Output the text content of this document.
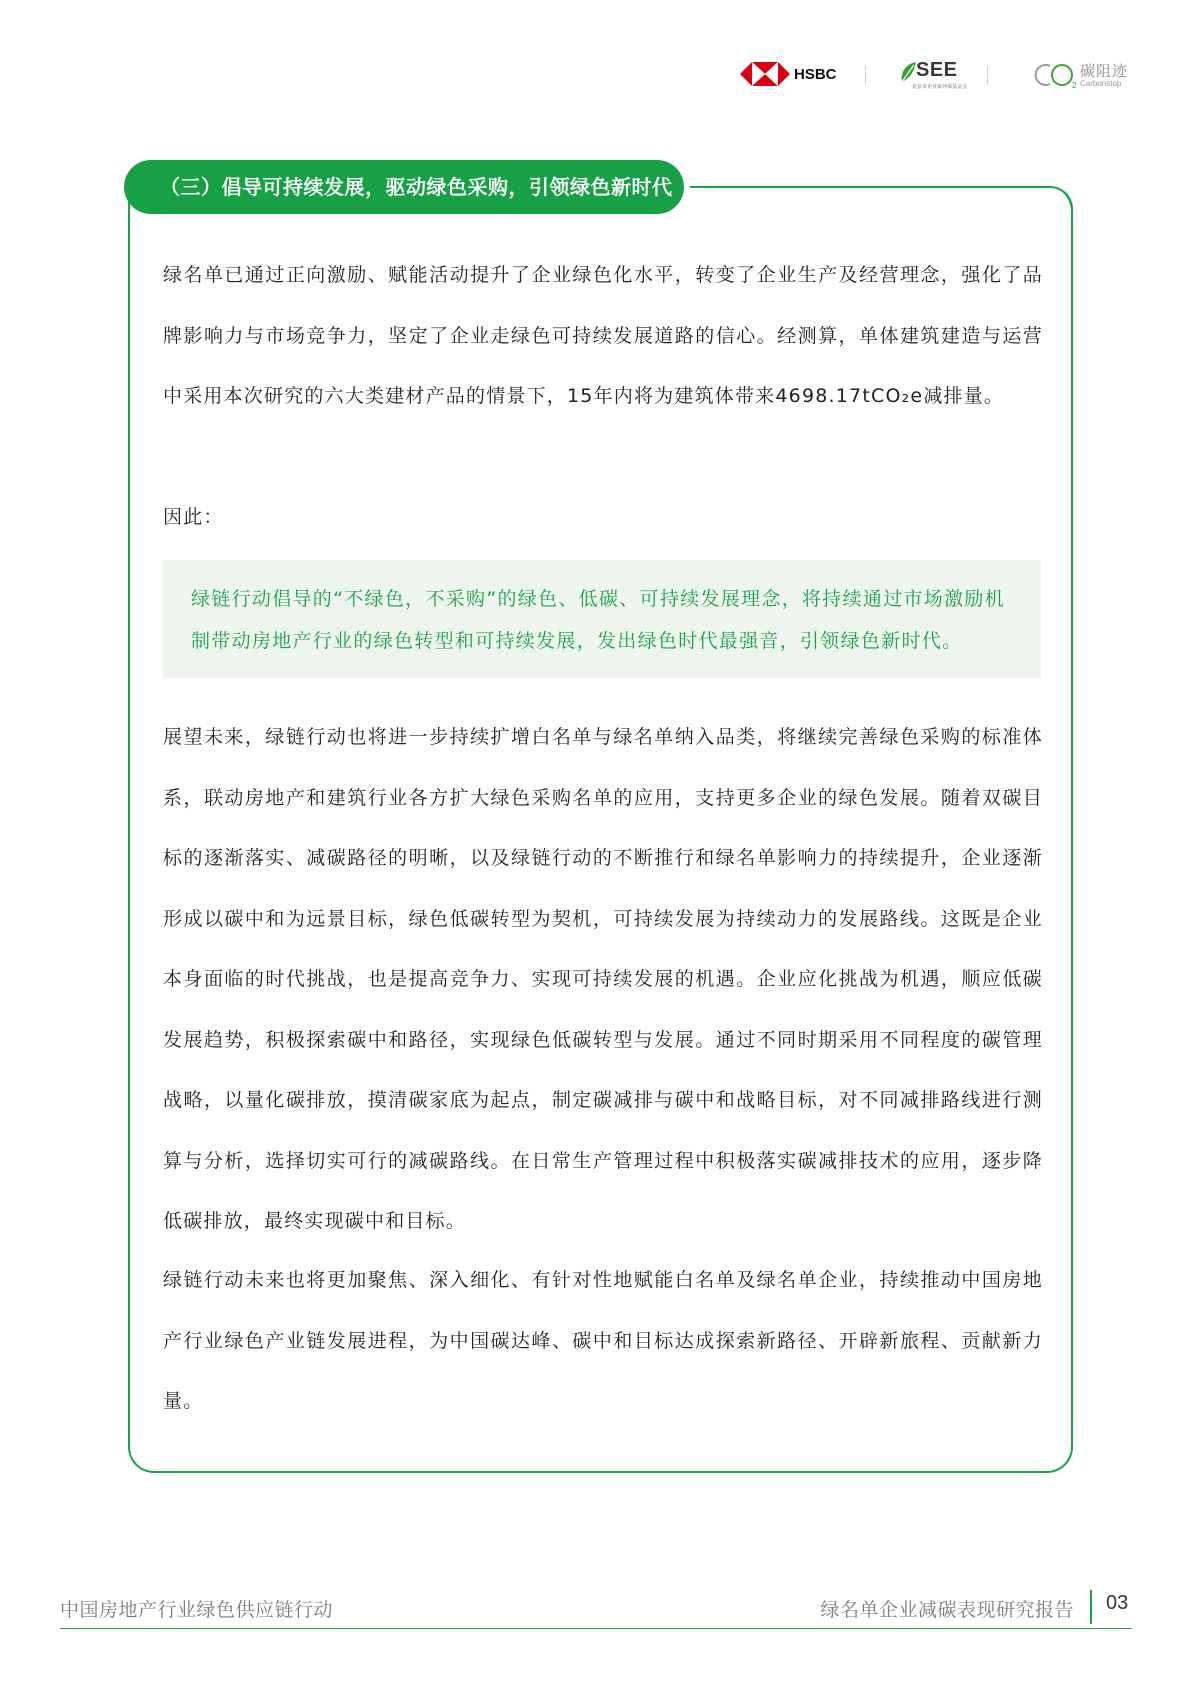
HSBC	SEE
北京市企业家环保基金会	2
碳阻迹
Carbonstop
（三）倡导可持续发展，驱动绿色采购，引领绿色新时代
绿名单已通过正向激励、赋能活动提升了企业绿色化水平，转变了企业生产及经营理念，强化了品牌影响力与市场竞争力，坚定了企业走绿色可持续发展道路的信心。经测算，单体建筑建造与运营中采用本次研究的六大类建材产品的情景下，15年内将为建筑体带来4698.17tCO₂e减排量。
因此：
绿链行动倡导的“不绿色，不采购”的绿色、低碳、可持续发展理念，将持续通过市场激励机制带动房地产行业的绿色转型和可持续发展，发出绿色时代最强音，引领绿色新时代。
展望未来，绿链行动也将进一步持续扩增白名单与绿名单纳入品类，将继续完善绿色采购的标准体系，联动房地产和建筑行业各方扩大绿色采购名单的应用，支持更多企业的绿色发展。随着双碳目标的逐渐落实、减碳路径的明晰，以及绿链行动的不断推行和绿名单影响力的持续提升，企业逐渐形成以碳中和为远景目标，绿色低碳转型为契机，可持续发展为持续动力的发展路线。这既是企业本身面临的时代挑战，也是提高竞争力、实现可持续发展的机遇。企业应化挑战为机遇，顺应低碳发展趋势，积极探索碳中和路径，实现绿色低碳转型与发展。通过不同时期采用不同程度的碳管理战略，以量化碳排放，摸清碳家底为起点，制定碳减排与碳中和战略目标，对不同减排路线进行测算与分析，选择切实可行的减碳路线。在日常生产管理过程中积极落实碳减排技术的应用，逐步降低碳排放，最终实现碳中和目标。
绿链行动未来也将更加聚焦、深入细化、有针对性地赋能白名单及绿名单企业，持续推动中国房地产行业绿色产业链发展进程，为中国碳达峰、碳中和目标达成探索新路径、开辟新旅程、贡献新力量。
中国房地产行业绿色供应链行动	绿名单企业减碳表现研究报告 03
